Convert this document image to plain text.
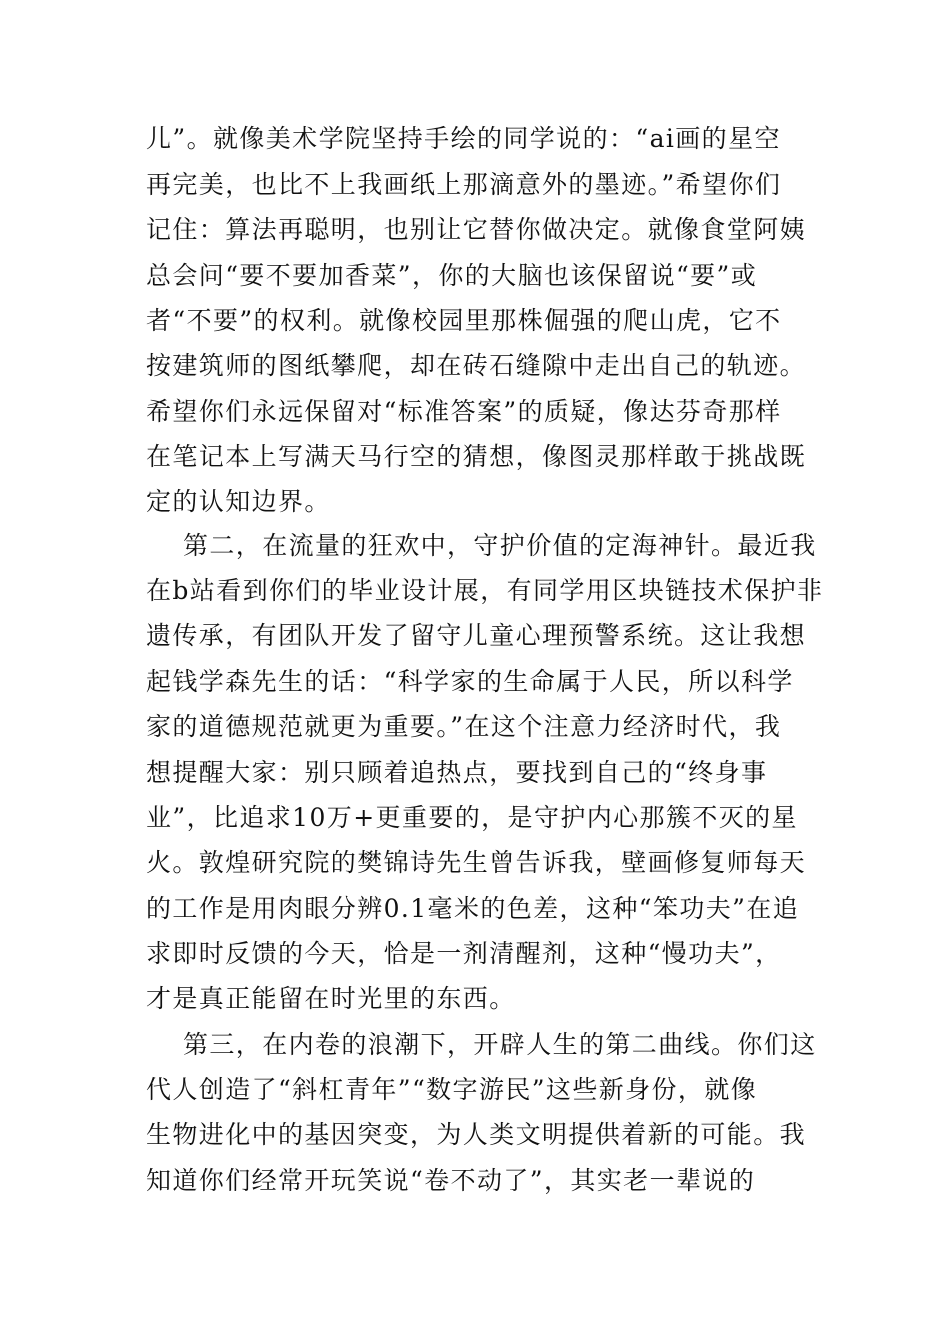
儿”。就像美术学院坚持手绘的同学说的：“ai画的星空

再完美，也比不上我画纸上那滴意外的墨迹。”希望你们

记住：算法再聪明，也别让它替你做决定。就像食堂阿姨

总会问“要不要加香菜”，你的大脑也该保留说“要”或

者“不要”的权利。就像校园里那株倔强的爬山虎，它不

按建筑师的图纸攀爬，却在砖石缝隙中走出自己的轨迹。

希望你们永远保留对“标准答案”的质疑，像达芬奇那样

在笔记本上写满天马行空的猜想，像图灵那样敢于挑战既

定的认知边界。

第二，在流量的狂欢中，守护价值的定海神针。最近我

在b站看到你们的毕业设计展，有同学用区块链技术保护非

遗传承，有团队开发了留守儿童心理预警系统。这让我想

起钱学森先生的话：“科学家的生命属于人民，所以科学

家的道德规范就更为重要。”在这个注意力经济时代，我

想提醒大家：别只顾着追热点，要找到自己的“终身事

业”，比追求10万+更重要的，是守护内心那簇不灭的星

火。敦煌研究院的樊锦诗先生曾告诉我，壁画修复师每天

的工作是用肉眼分辨0.1毫米的色差，这种“笨功夫”在追

求即时反馈的今天，恰是一剂清醒剂，这种“慢功夫”，

才是真正能留在时光里的东西。

第三，在内卷的浪潮下，开辟人生的第二曲线。你们这

代人创造了“斜杠青年”“数字游民”这些新身份，就像

生物进化中的基因突变，为人类文明提供着新的可能。我

知道你们经常开玩笑说“卷不动了”，其实老一辈说的
